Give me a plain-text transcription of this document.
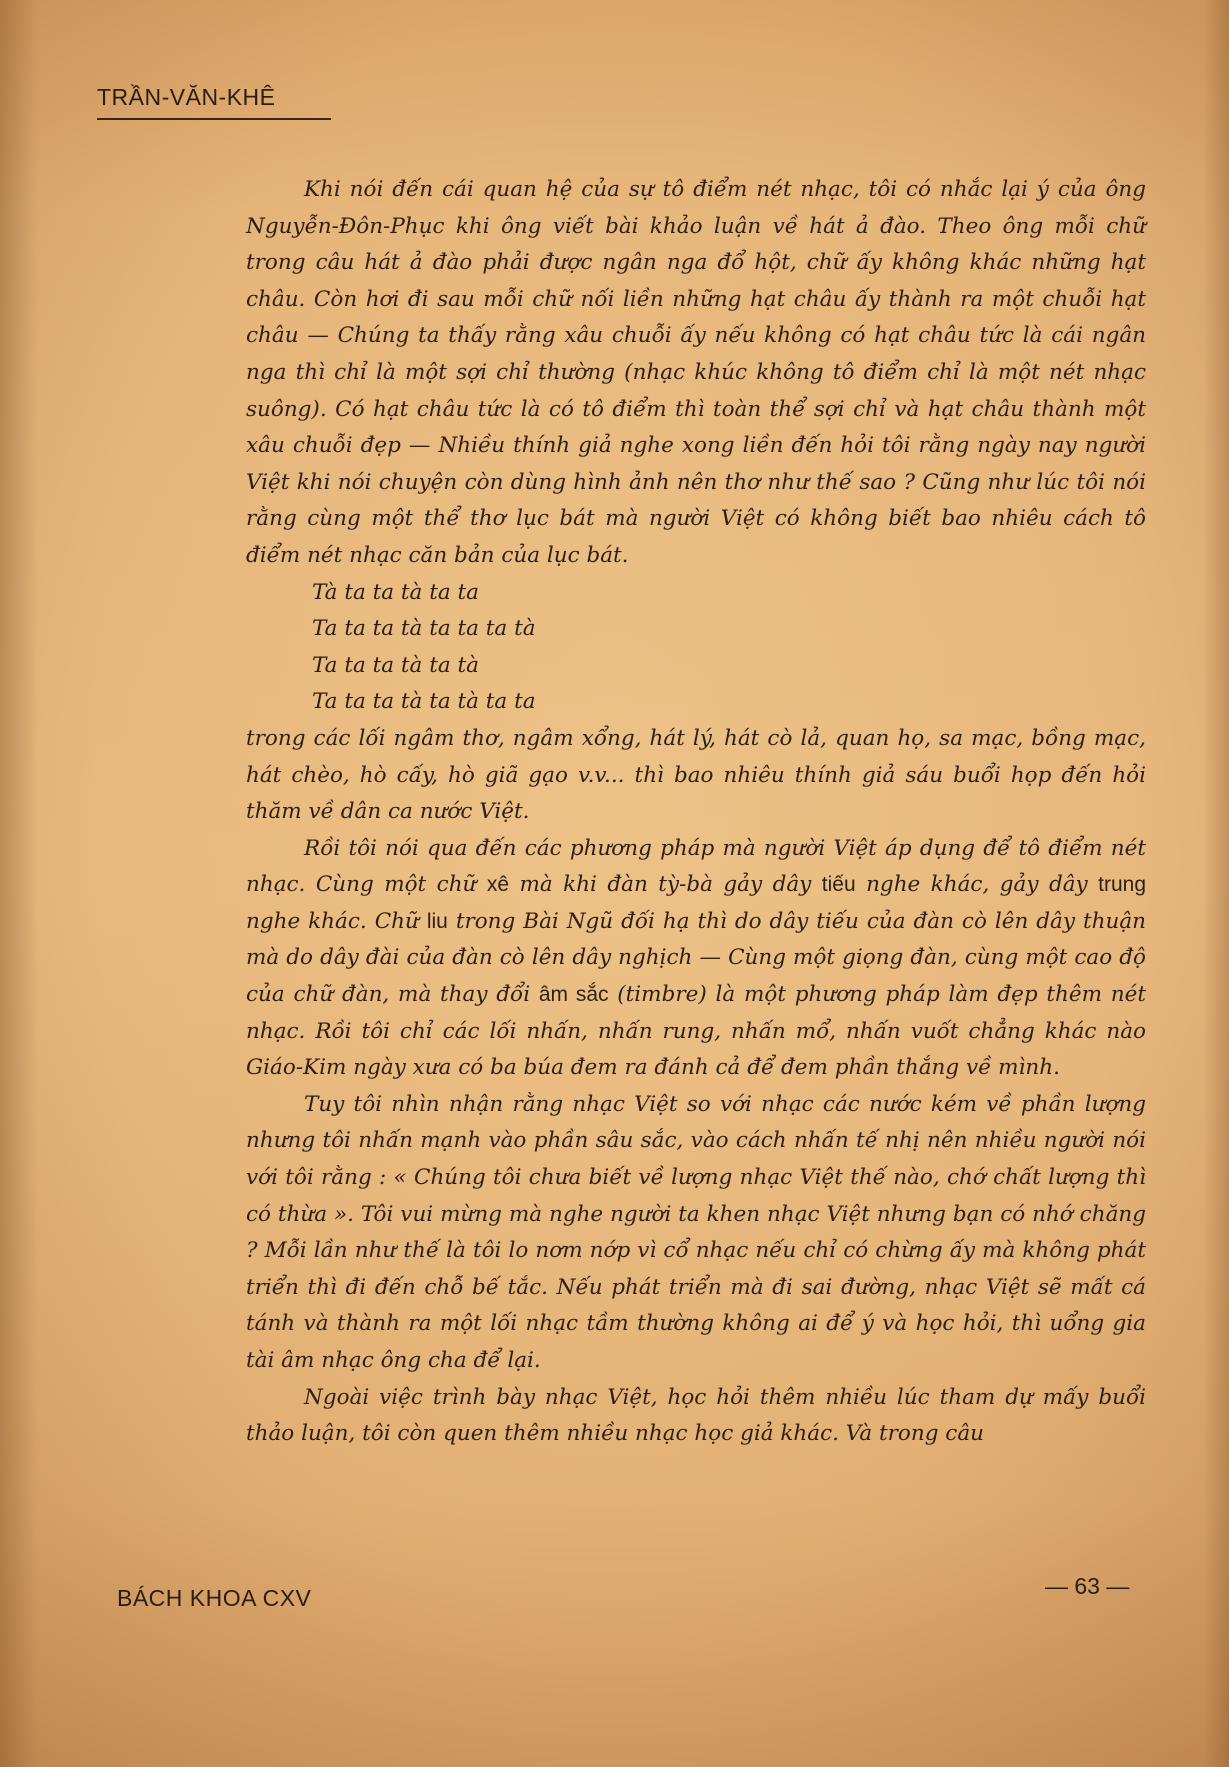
TRẦN-VĂN-KHÊ

Khi nói đến cái quan hệ của sự tô điểm nét nhạc, tôi có nhắc lại ý của ông Nguyễn-Đôn-Phục khi ông viết bài khảo luận về hát ả đào. Theo ông mỗi chữ trong câu hát ả đào phải được ngân nga đổ hột, chữ ấy không khác những hạt châu. Còn hơi đi sau mỗi chữ nối liền những hạt châu ấy thành ra một chuỗi hạt châu — Chúng ta thấy rằng xâu chuỗi ấy nếu không có hạt châu tức là cái ngân nga thì chỉ là một sợi chỉ thường (nhạc khúc không tô điểm chỉ là một nét nhạc suông). Có hạt châu tức là có tô điểm thì toàn thể sợi chỉ và hạt châu thành một xâu chuỗi đẹp — Nhiều thính giả nghe xong liền đến hỏi tôi rằng ngày nay người Việt khi nói chuyện còn dùng hình ảnh nên thơ như thế sao ? Cũng như lúc tôi nói rằng cùng một thể thơ lục bát mà người Việt có không biết bao nhiêu cách tô điểm nét nhạc căn bản của lục bát.

Tà ta ta tà ta ta
Ta ta ta tà ta ta ta tà
Ta ta ta tà ta tà
Ta ta ta tà ta tà ta ta

trong các lối ngâm thơ, ngâm xổng, hát lý, hát cò lả, quan họ, sa mạc, bồng mạc, hát chèo, hò cấy, hò giã gạo v.v... thì bao nhiêu thính giả sáu buổi họp đến hỏi thăm về dân ca nước Việt.

Rồi tôi nói qua đến các phương pháp mà người Việt áp dụng để tô điểm nét nhạc. Cùng một chữ xê mà khi đàn tỳ-bà gảy dây tiếu nghe khác, gảy dây trung nghe khác. Chữ liu trong Bài Ngũ đối hạ thì do dây tiếu của đàn cò lên dây thuận mà do dây đài của đàn cò lên dây nghịch — Cùng một giọng đàn, cùng một cao độ của chữ đàn, mà thay đổi âm sắc (timbre) là một phương pháp làm đẹp thêm nét nhạc. Rồi tôi chỉ các lối nhấn, nhấn rung, nhấn mổ, nhấn vuốt chẳng khác nào Giáo-Kim ngày xưa có ba búa đem ra đánh cả để đem phần thắng về mình.

Tuy tôi nhìn nhận rằng nhạc Việt so với nhạc các nước kém về phần lượng nhưng tôi nhấn mạnh vào phần sâu sắc, vào cách nhấn tế nhị nên nhiều người nói với tôi rằng : « Chúng tôi chưa biết về lượng nhạc Việt thế nào, chớ chất lượng thì có thừa ». Tôi vui mừng mà nghe người ta khen nhạc Việt nhưng bạn có nhớ chăng ? Mỗi lần như thế là tôi lo nơm nớp vì cổ nhạc nếu chỉ có chừng ấy mà không phát triển thì đi đến chỗ bế tắc. Nếu phát triển mà đi sai đường, nhạc Việt sẽ mất cá tánh và thành ra một lối nhạc tầm thường không ai để ý và học hỏi, thì uổng gia tài âm nhạc ông cha để lại.

Ngoài việc trình bày nhạc Việt, học hỏi thêm nhiều lúc tham dự mấy buổi thảo luận, tôi còn quen thêm nhiều nhạc học giả khác. Và trong câu

BÁCH KHOA CXV	— 63 —
